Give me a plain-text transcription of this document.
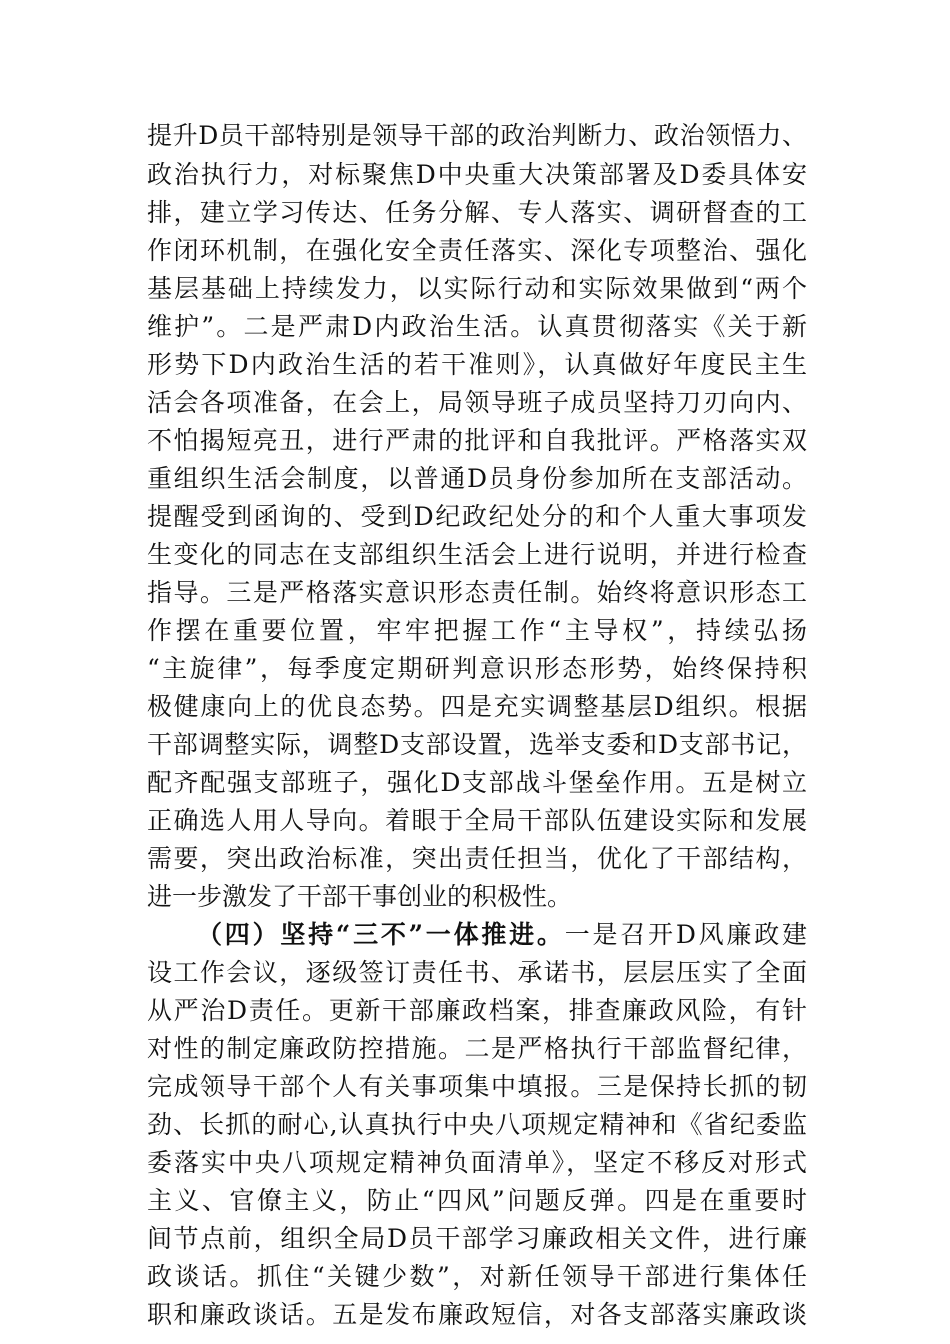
提升D员干部特别是领导干部的政治判断力、政治领悟力、
政治执行力，对标聚焦D中央重大决策部署及D委具体安
排，建立学习传达、任务分解、专人落实、调研督查的工
作闭环机制，在强化安全责任落实、深化专项整治、强化
基层基础上持续发力，以实际行动和实际效果做到“两个
维护”。二是严肃D内政治生活。认真贯彻落实《关于新
形势下D内政治生活的若干准则》，认真做好年度民主生
活会各项准备，在会上，局领导班子成员坚持刀刃向内、
不怕揭短亮丑，进行严肃的批评和自我批评。严格落实双
重组织生活会制度，以普通D员身份参加所在支部活动。
提醒受到函询的、受到D纪政纪处分的和个人重大事项发
生变化的同志在支部组织生活会上进行说明，并进行检查
指导。三是严格落实意识形态责任制。始终将意识形态工
作摆在重要位置，牢牢把握工作“主导权”，持续弘扬
“主旋律”，每季度定期研判意识形态形势，始终保持积
极健康向上的优良态势。四是充实调整基层D组织。根据
干部调整实际，调整D支部设置，选举支委和D支部书记，
配齐配强支部班子，强化D支部战斗堡垒作用。五是树立
正确选人用人导向。着眼于全局干部队伍建设实际和发展
需要，突出政治标准，突出责任担当，优化了干部结构，
进一步激发了干部干事创业的积极性。
（四）坚持“三不”一体推进。一是召开D风廉政建
设工作会议，逐级签订责任书、承诺书，层层压实了全面
从严治D责任。更新干部廉政档案，排查廉政风险，有针
对性的制定廉政防控措施。二是严格执行干部监督纪律，
完成领导干部个人有关事项集中填报。三是保持长抓的韧
劲、长抓的耐心,认真执行中央八项规定精神和《省纪委监
委落实中央八项规定精神负面清单》，坚定不移反对形式
主义、官僚主义，防止“四风”问题反弹。四是在重要时
间节点前，组织全局D员干部学习廉政相关文件，进行廉
政谈话。抓住“关键少数”，对新任领导干部进行集体任
职和廉政谈话。五是发布廉政短信，对各支部落实廉政谈
